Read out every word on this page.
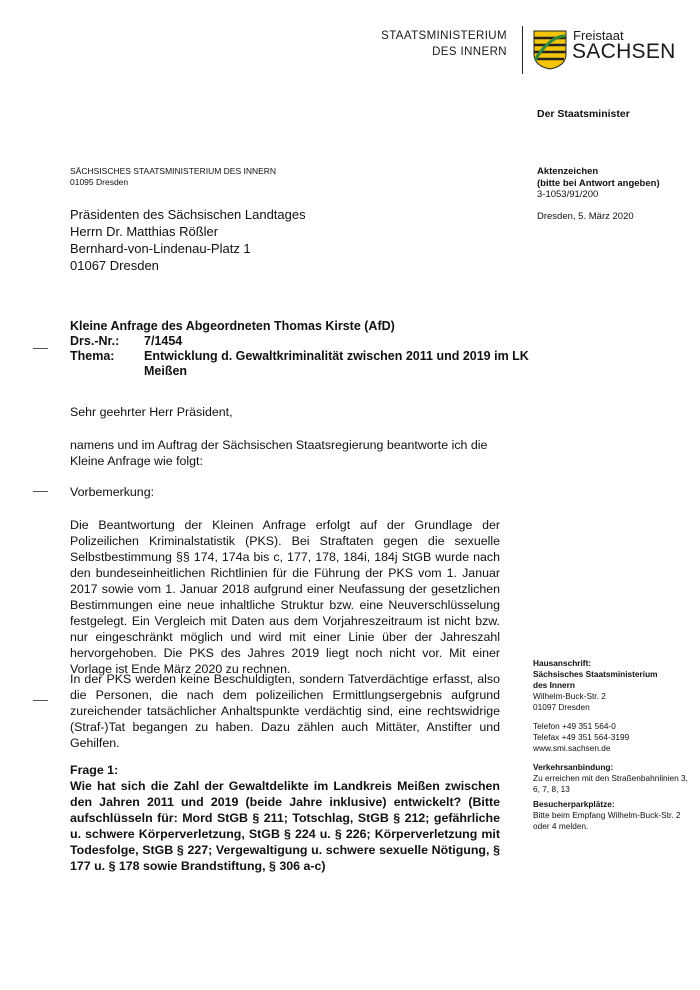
STAATSMINISTERIUM
DES INNERN
Freistaat
SACHSEN
Der Staatsminister
SÄCHSISCHES STAATSMINISTERIUM DES INNERN
01095 Dresden
Aktenzeichen
(bitte bei Antwort angeben)
3-1053/91/200
Dresden, 5. März 2020
Präsidenten des Sächsischen Landtages
Herrn Dr. Matthias Rößler
Bernhard-von-Lindenau-Platz 1
01067 Dresden
Kleine Anfrage des Abgeordneten Thomas Kirste (AfD)
Drs.-Nr.:	7/1454
Thema:	Entwicklung d. Gewaltkriminalität zwischen 2011 und 2019 im LK Meißen
Sehr geehrter Herr Präsident,
namens und im Auftrag der Sächsischen Staatsregierung beantworte ich die Kleine Anfrage wie folgt:
Vorbemerkung:
Die Beantwortung der Kleinen Anfrage erfolgt auf der Grundlage der Polizeilichen Kriminalstatistik (PKS). Bei Straftaten gegen die sexuelle Selbstbestimmung §§ 174, 174a bis c, 177, 178, 184i, 184j StGB wurde nach den bundeseinheitlichen Richtlinien für die Führung der PKS vom 1. Januar 2017 sowie vom 1. Januar 2018 aufgrund einer Neufassung der gesetzlichen Bestimmungen eine neue inhaltliche Struktur bzw. eine Neuverschlüsselung festgelegt. Ein Vergleich mit Daten aus dem Vorjahreszeitraum ist nicht bzw. nur eingeschränkt möglich und wird mit einer Linie über der Jahreszahl hervorgehoben. Die PKS des Jahres 2019 liegt noch nicht vor. Mit einer Vorlage ist Ende März 2020 zu rechnen.
In der PKS werden keine Beschuldigten, sondern Tatverdächtige erfasst, also die Personen, die nach dem polizeilichen Ermittlungsergebnis aufgrund zureichender tatsächlicher Anhaltspunkte verdächtig sind, eine rechtswidrige (Straf-)Tat begangen zu haben. Dazu zählen auch Mittäter, Anstifter und Gehilfen.
Frage 1:
Wie hat sich die Zahl der Gewaltdelikte im Landkreis Meißen zwischen den Jahren 2011 und 2019 (beide Jahre inklusive) entwickelt? (Bitte aufschlüsseln für: Mord StGB § 211; Totschlag, StGB § 212; gefährliche u. schwere Körperverletzung, StGB § 224 u. § 226; Körperverletzung mit Todesfolge, StGB § 227; Vergewaltigung u. schwere sexuelle Nötigung, § 177 u. § 178 sowie Brandstiftung, § 306 a-c)
Hausanschrift:
Sächsisches Staatsministerium
des Innern
Wilhelm-Buck-Str. 2
01097 Dresden
Telefon +49 351 564-0
Telefax +49 351 564-3199
www.smi.sachsen.de
Verkehrsanbindung:
Zu erreichen mit den Straßenbahnlinien 3, 6, 7, 8, 13
Besucherparkplätze:
Bitte beim Empfang Wilhelm-Buck-Str. 2 oder 4 melden.
